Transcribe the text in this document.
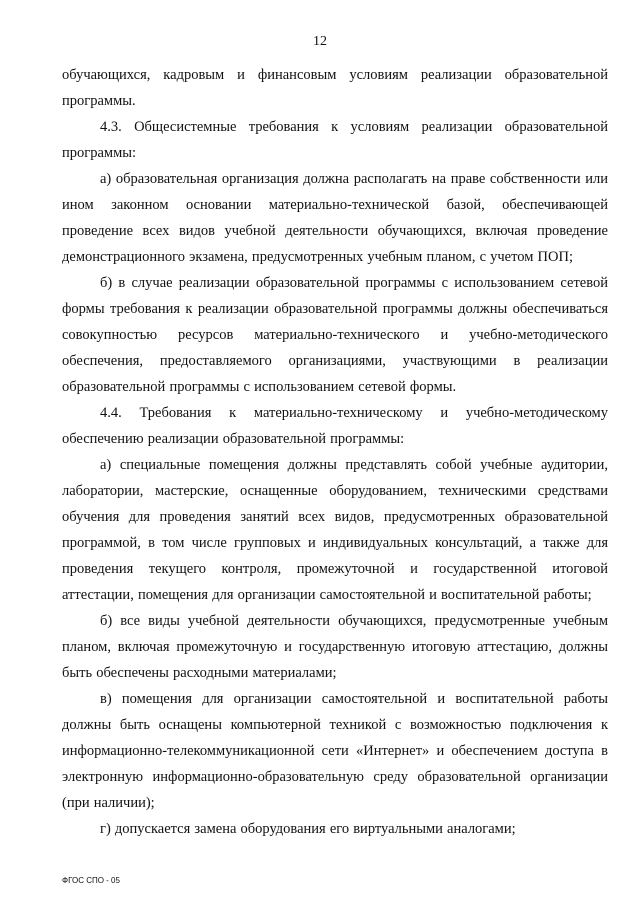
12

обучающихся, кадровым и финансовым условиям реализации образовательной программы.

4.3. Общесистемные требования к условиям реализации образовательной программы:

а) образовательная организация должна располагать на праве собственности или ином законном основании материально-технической базой, обеспечивающей проведение всех видов учебной деятельности обучающихся, включая проведение демонстрационного экзамена, предусмотренных учебным планом, с учетом ПОП;

б) в случае реализации образовательной программы с использованием сетевой формы требования к реализации образовательной программы должны обеспечиваться совокупностью ресурсов материально-технического и учебно-методического обеспечения, предоставляемого организациями, участвующими в реализации образовательной программы с использованием сетевой формы.

4.4. Требования к материально-техническому и учебно-методическому обеспечению реализации образовательной программы:

а) специальные помещения должны представлять собой учебные аудитории, лаборатории, мастерские, оснащенные оборудованием, техническими средствами обучения для проведения занятий всех видов, предусмотренных образовательной программой, в том числе групповых и индивидуальных консультаций, а также для проведения текущего контроля, промежуточной и государственной итоговой аттестации, помещения для организации самостоятельной и воспитательной работы;

б) все виды учебной деятельности обучающихся, предусмотренные учебным планом, включая промежуточную и государственную итоговую аттестацию, должны быть обеспечены расходными материалами;

в) помещения для организации самостоятельной и воспитательной работы должны быть оснащены компьютерной техникой с возможностью подключения к информационно-телекоммуникационной сети «Интернет» и обеспечением доступа в электронную информационно-образовательную среду образовательной организации (при наличии);

г) допускается замена оборудования его виртуальными аналогами;

ФГОС СПО - 05
